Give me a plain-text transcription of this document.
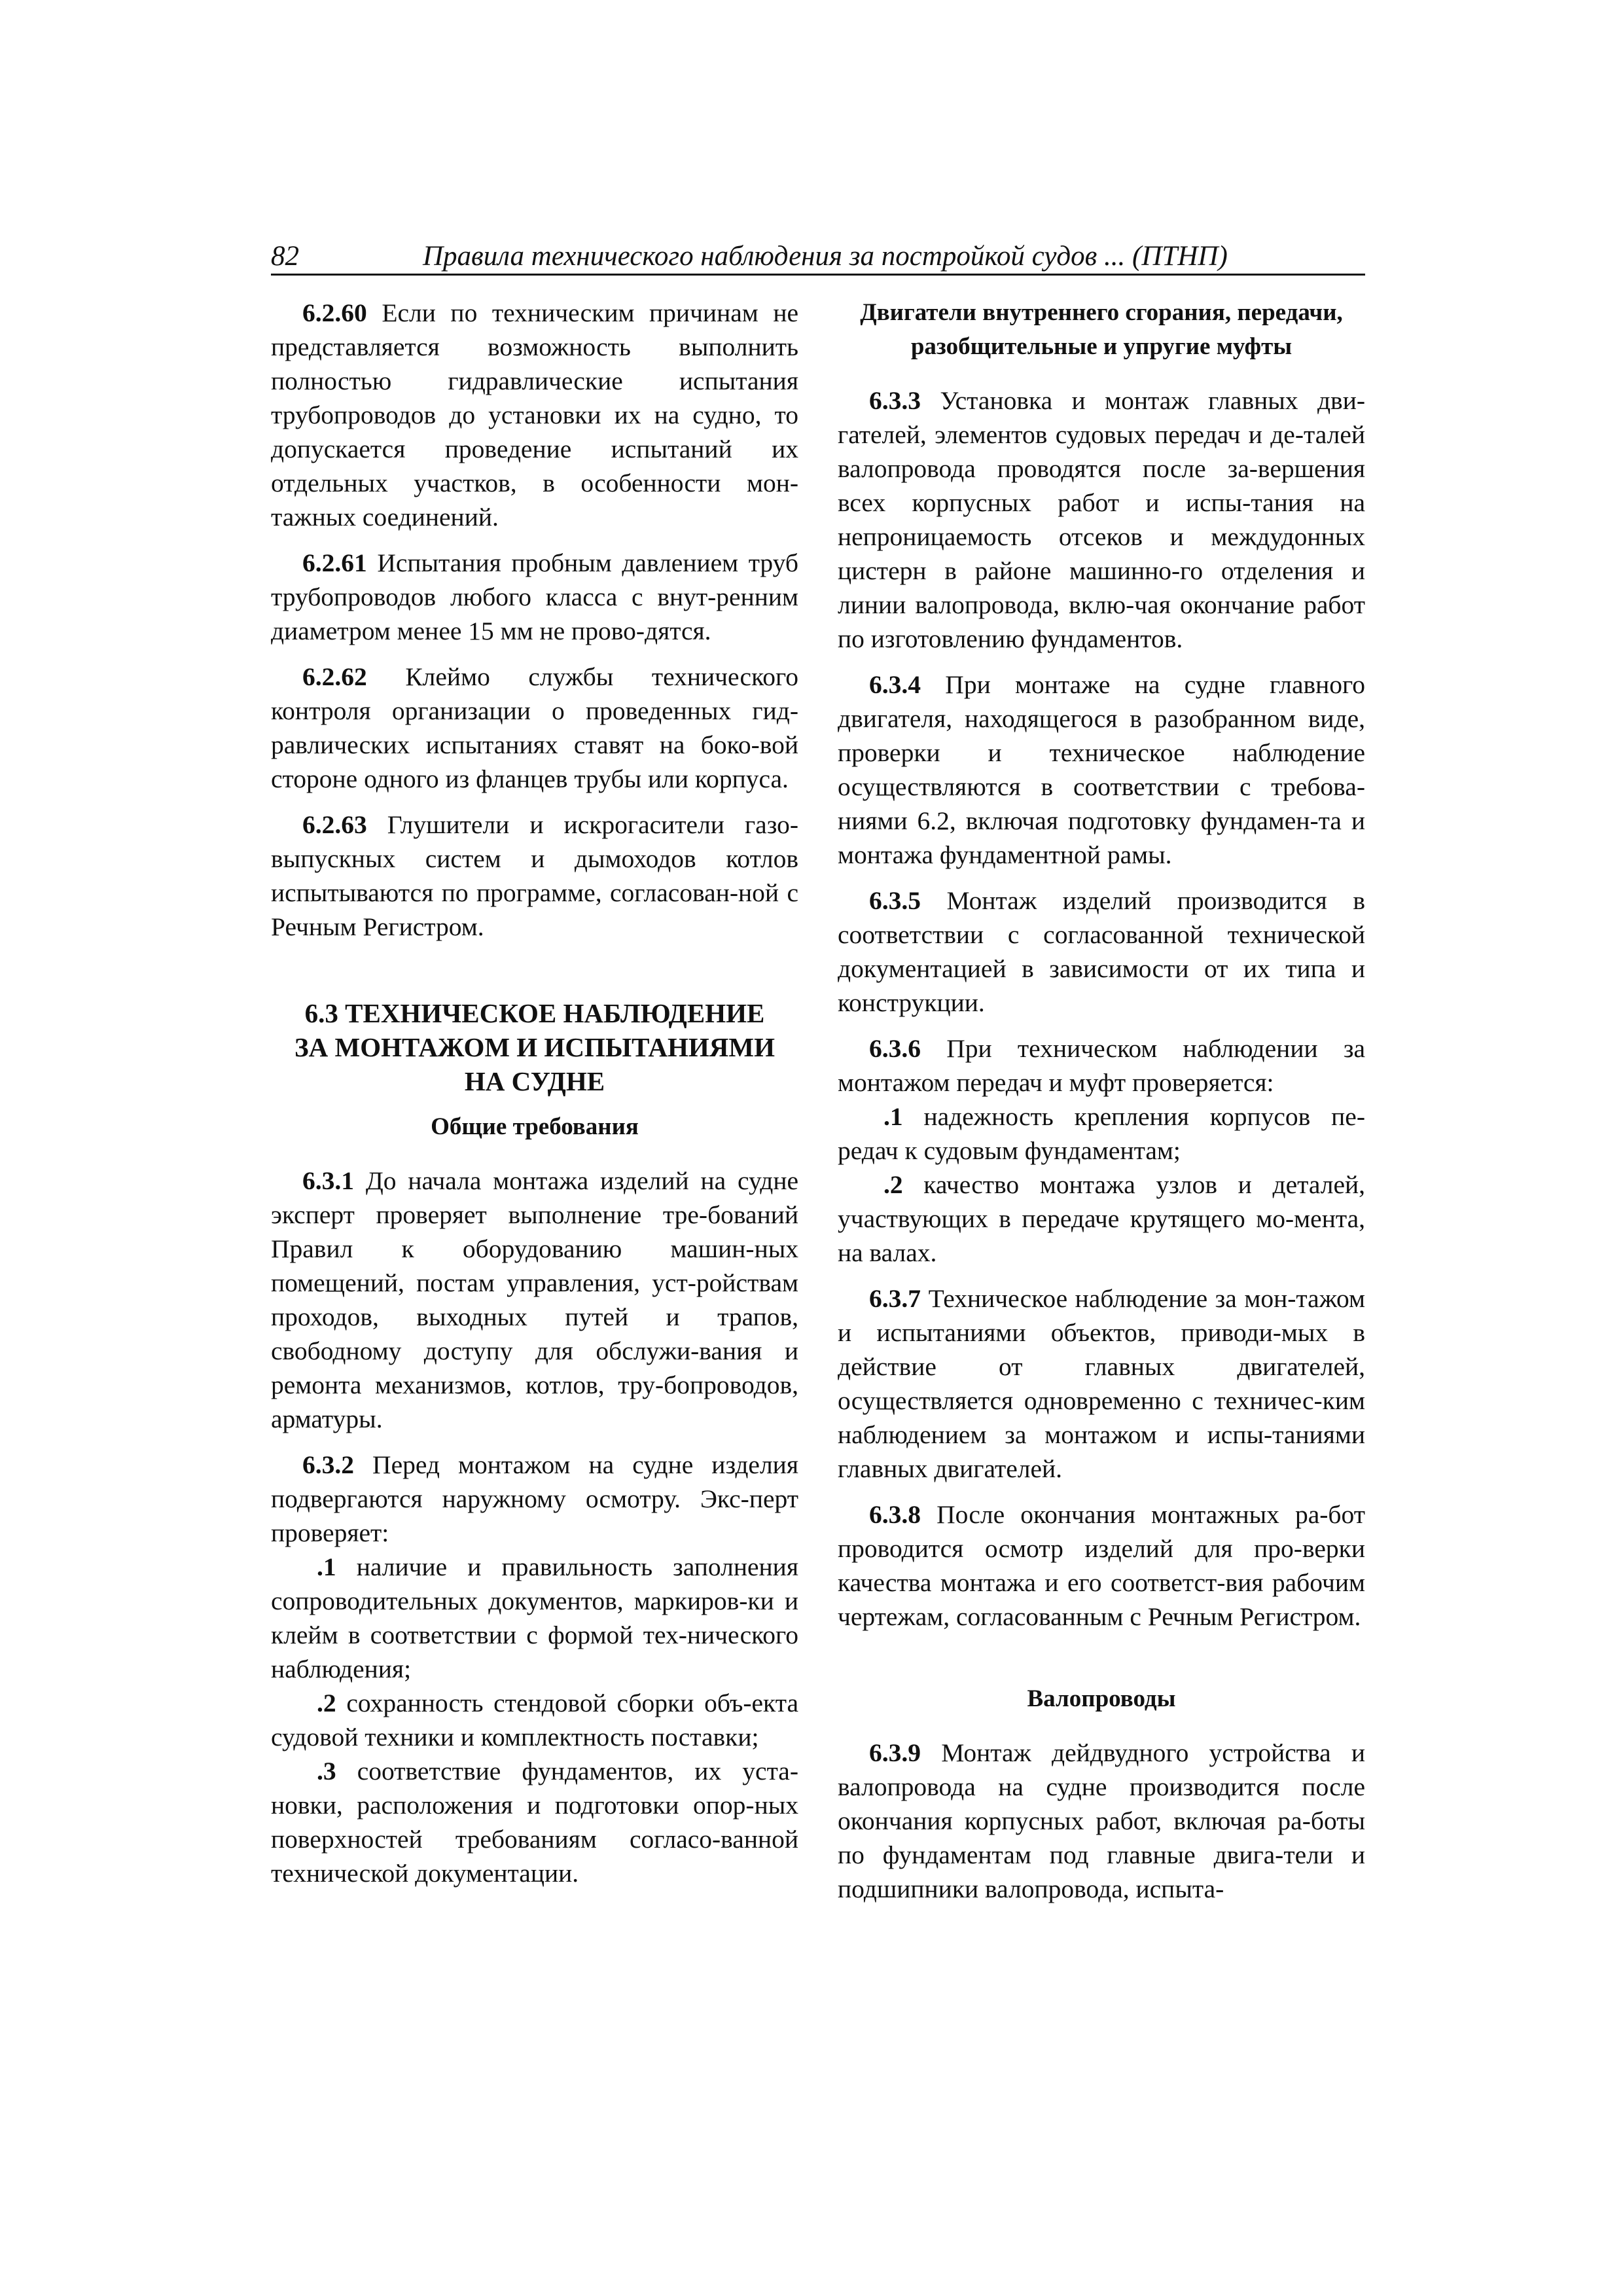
82	Правила технического наблюдения за постройкой судов ... (ПТНП)

6.2.60 Если по техническим причинам не представляется возможность выполнить полностью гидравлические испытания трубопроводов до установки их на судно, то допускается проведение испытаний их отдельных участков, в особенности мон-тажных соединений.

6.2.61 Испытания пробным давлением труб трубопроводов любого класса с внут-ренним диаметром менее 15 мм не прово-дятся.

6.2.62 Клеймо службы технического контроля организации о проведенных гид-равлических испытаниях ставят на боко-вой стороне одного из фланцев трубы или корпуса.

6.2.63 Глушители и искрогасители газо-выпускных систем и дымоходов котлов испытываются по программе, согласован-ной с Речным Регистром.

6.3 ТЕХНИЧЕСКОЕ НАБЛЮДЕНИЕ
ЗА МОНТАЖОМ И ИСПЫТАНИЯМИ
НА СУДНЕ
Общие требования

6.3.1 До начала монтажа изделий на судне эксперт проверяет выполнение тре-бований Правил к оборудованию машин-ных помещений, постам управления, уст-ройствам проходов, выходных путей и трапов, свободному доступу для обслужи-вания и ремонта механизмов, котлов, тру-бопроводов, арматуры.

6.3.2 Перед монтажом на судне изделия подвергаются наружному осмотру. Экс-перт проверяет:

.1 наличие и правильность заполнения сопроводительных документов, маркиров-ки и клейм в соответствии с формой тех-нического наблюдения;

.2 сохранность стендовой сборки объ-екта судовой техники и комплектность поставки;

.3 соответствие фундаментов, их уста-новки, расположения и подготовки опор-ных поверхностей требованиям согласо-ванной технической документации.

Двигатели внутреннего сгорания, передачи,
разобщительные и упругие муфты

6.3.3 Установка и монтаж главных дви-гателей, элементов судовых передач и де-талей валопровода проводятся после за-вершения всех корпусных работ и испы-тания на непроницаемость отсеков и междудонных цистерн в районе машинно-го отделения и линии валопровода, вклю-чая окончание работ по изготовлению фундаментов.

6.3.4 При монтаже на судне главного двигателя, находящегося в разобранном виде, проверки и техническое наблюдение осуществляются в соответствии с требова-ниями 6.2, включая подготовку фундамен-та и монтажа фундаментной рамы.

6.3.5 Монтаж изделий производится в соответствии с согласованной технической документацией в зависимости от их типа и конструкции.

6.3.6 При техническом наблюдении за монтажом передач и муфт проверяется:

.1 надежность крепления корпусов пе-редач к судовым фундаментам;

.2 качество монтажа узлов и деталей, участвующих в передаче крутящего мо-мента, на валах.

6.3.7 Техническое наблюдение за мон-тажом и испытаниями объектов, приводи-мых в действие от главных двигателей, осуществляется одновременно с техничес-ким наблюдением за монтажом и испы-таниями главных двигателей.

6.3.8 После окончания монтажных ра-бот проводится осмотр изделий для про-верки качества монтажа и его соответст-вия рабочим чертежам, согласованным с Речным Регистром.

Валопроводы

6.3.9 Монтаж дейдвудного устройства и валопровода на судне производится после окончания корпусных работ, включая ра-боты по фундаментам под главные двига-тели и подшипники валопровода, испыта-
